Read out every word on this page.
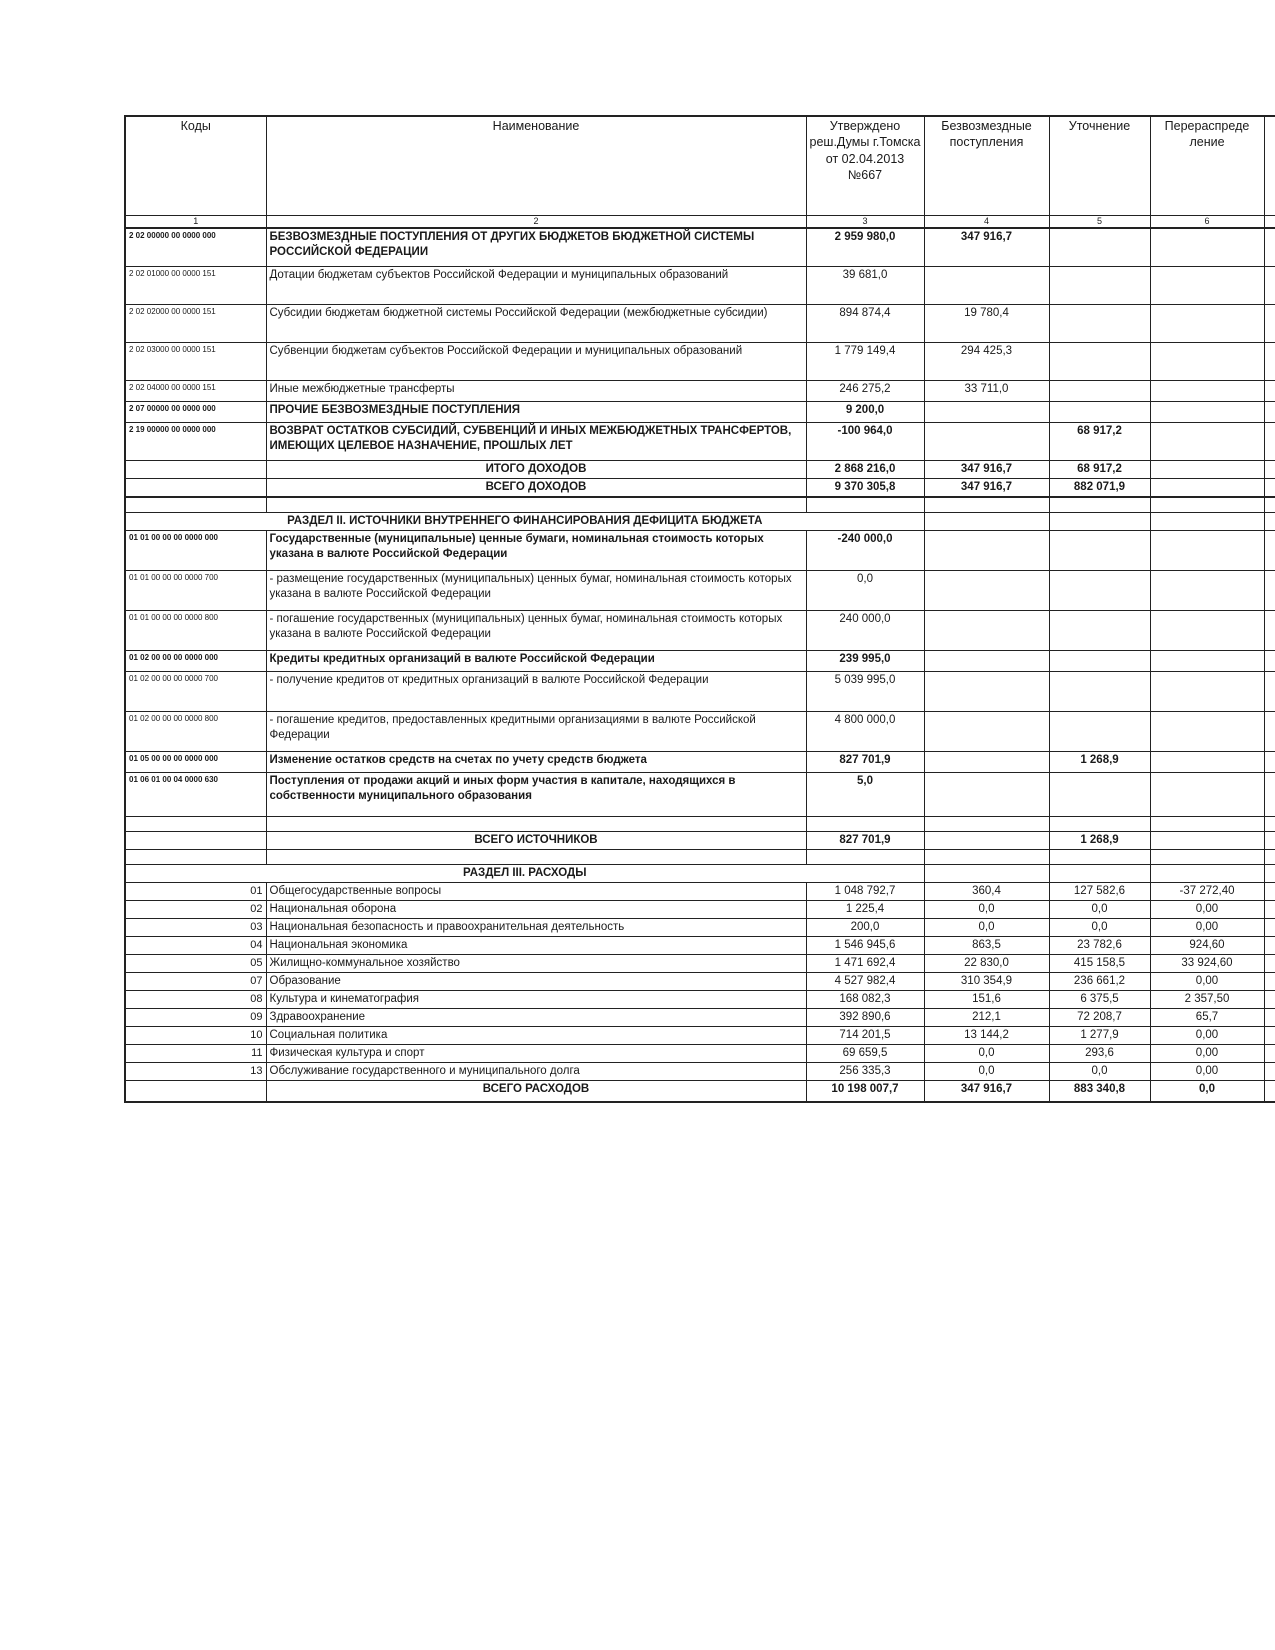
Коды	Наименование	Утверждено реш.Думы г.Томска от 02.04.2013 №667	Безвозмездные поступления	Уточнение	Перераспреде ление	
1	2	3	4	5	6	
2 02 00000 00 0000 000	БЕЗВОЗМЕЗДНЫЕ ПОСТУПЛЕНИЯ ОТ ДРУГИХ БЮДЖЕТОВ БЮДЖЕТНОЙ СИСТЕМЫ РОССИЙСКОЙ ФЕДЕРАЦИИ	2 959 980,0	347 916,7			
2 02 01000 00 0000 151	Дотации бюджетам субъектов Российской Федерации и муниципальных образований	39 681,0				
2 02 02000 00 0000 151	Субсидии бюджетам бюджетной системы Российской Федерации (межбюджетные субсидии)	894 874,4	19 780,4			
2 02 03000 00 0000 151	Субвенции бюджетам субъектов Российской Федерации и муниципальных образований	1 779 149,4	294 425,3			
2 02 04000 00 0000 151	Иные межбюджетные трансферты	246 275,2	33 711,0			
2 07 00000 00 0000 000	ПРОЧИЕ БЕЗВОЗМЕЗДНЫЕ ПОСТУПЛЕНИЯ	9 200,0				
2 19 00000 00 0000 000	ВОЗВРАТ ОСТАТКОВ СУБСИДИЙ, СУБВЕНЦИЙ И ИНЫХ МЕЖБЮДЖЕТНЫХ ТРАНСФЕРТОВ, ИМЕЮЩИХ ЦЕЛЕВОЕ НАЗНАЧЕНИЕ, ПРОШЛЫХ ЛЕТ	-100 964,0		68 917,2		
	ИТОГО ДОХОДОВ	2 868 216,0	347 916,7	68 917,2		
	ВСЕГО ДОХОДОВ	9 370 305,8	347 916,7	882 071,9		

РАЗДЕЛ II. ИСТОЧНИКИ ВНУТРЕННЕГО ФИНАНСИРОВАНИЯ ДЕФИЦИТА БЮДЖЕТА						
01 01 00 00 00 0000 000	Государственные (муниципальные) ценные бумаги, номинальная стоимость которых указана в валюте Российской Федерации	-240 000,0				
01 01 00 00 00 0000 700	- размещение государственных (муниципальных) ценных бумаг, номинальная стоимость которых указана в валюте Российской Федерации	0,0				
01 01 00 00 00 0000 800	- погашение государственных (муниципальных) ценных бумаг, номинальная стоимость которых указана в валюте Российской Федерации	240 000,0				
01 02 00 00 00 0000 000	Кредиты кредитных организаций в валюте Российской Федерации	239 995,0				
01 02 00 00 00 0000 700	- получение кредитов от кредитных организаций в валюте Российской Федерации	5 039 995,0				
01 02 00 00 00 0000 800	- погашение кредитов, предоставленных кредитными организациями в валюте Российской Федерации	4 800 000,0				
01 05 00 00 00 0000 000	Изменение остатков средств на счетах по учету средств бюджета	827 701,9		1 268,9		
01 06 01 00 04 0000 630	Поступления от продажи акций и иных форм участия в капитале, находящихся в собственности муниципального образования	5,0				

	ВСЕГО ИСТОЧНИКОВ	827 701,9		1 268,9		

РАЗДЕЛ III. РАСХОДЫ						
01	Общегосударственные вопросы	1 048 792,7	360,4	127 582,6	-37 272,40	
02	Национальная оборона	1 225,4	0,0	0,0	0,00	
03	Национальная безопасность и правоохранительная деятельность	200,0	0,0	0,0	0,00	
04	Национальная экономика	1 546 945,6	863,5	23 782,6	924,60	
05	Жилищно-коммунальное хозяйство	1 471 692,4	22 830,0	415 158,5	33 924,60	
07	Образование	4 527 982,4	310 354,9	236 661,2	0,00	
08	Культура и кинематография	168 082,3	151,6	6 375,5	2 357,50	
09	Здравоохранение	392 890,6	212,1	72 208,7	65,7	
10	Социальная политика	714 201,5	13 144,2	1 277,9	0,00	
11	Физическая культура и спорт	69 659,5	0,0	293,6	0,00	
13	Обслуживание государственного и муниципального долга	256 335,3	0,0	0,0	0,00	
	ВСЕГО РАСХОДОВ	10 198 007,7	347 916,7	883 340,8	0,0	
